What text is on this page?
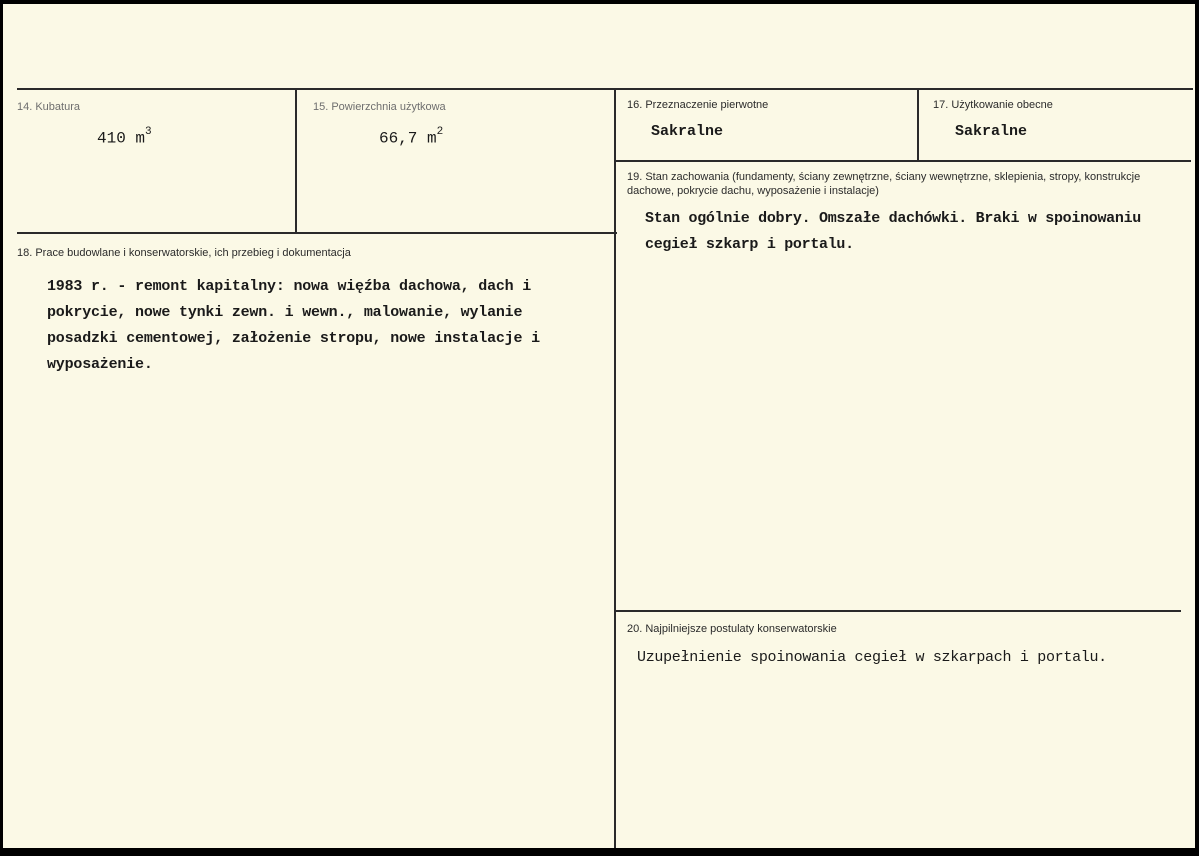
14. Kubatura
410 $m^3$
15. Powierzchnia użytkowa
66,7 $m^2$
16. Przeznaczenie pierwotne
Sakralne
17. Użytkowanie obecne
Sakralne
18. Prace budowlane i konserwatorskie, ich przebieg i dokumentacja
1983 r. - remont kapitalny: nowa więźba dachowa, dach i pokrycie, nowe tynki zewn. i wewn., malowanie, wylanie posadzki cementowej, założenie stropu, nowe instalacje i wyposażenie.
19. Stan zachowania (fundamenty, ściany zewnętrzne, ściany wewnętrzne, sklepienia, stropy, konstrukcje dachowe, pokrycie dachu, wyposażenie i instalacje)
Stan ogólnie dobry. Omszałe dachówki. Braki w spoinowaniu cegieł szkarp i portalu.
20. Najpilniejsze postulaty konserwatorskie
Uzupełnienie spoinowania cegieł w szkarpach i portalu.
